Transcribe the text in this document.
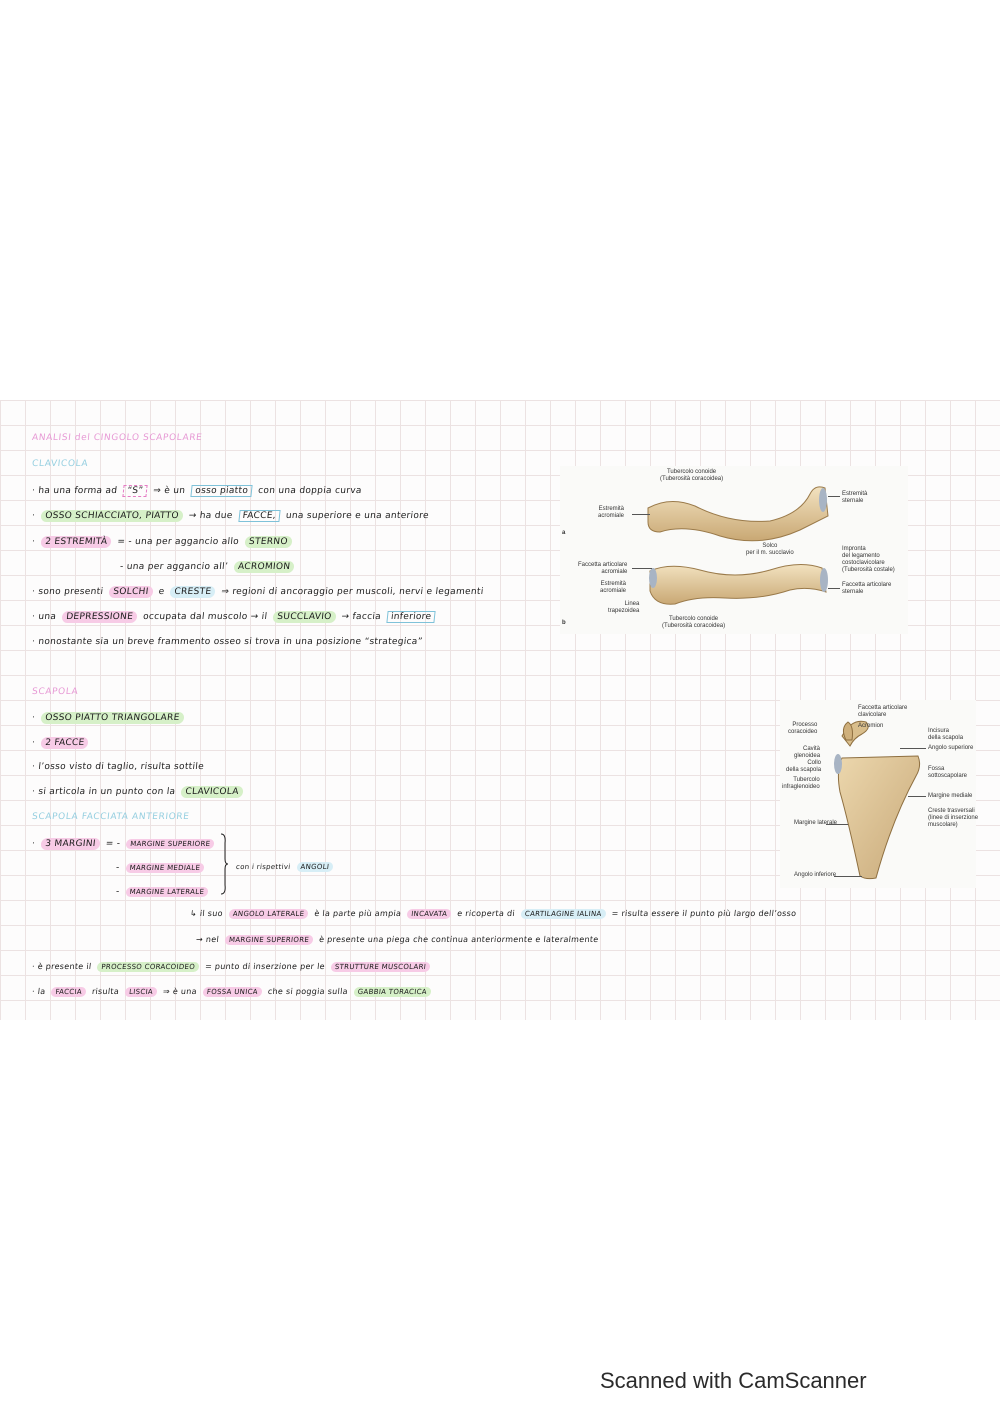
ANALISI del CINGOLO SCAPOLARE
CLAVICOLA
· ha una forma ad “S” ⇒ è un osso piatto con una doppia curva
· OSSO SCHIACCIATO, PIATTO → ha due FACCE, una superiore e una anteriore
· 2 ESTREMITÀ = - una per aggancio allo STERNO
- una per aggancio all’ ACROMION
· sono presenti SOLCHI e CRESTE ⇒ regioni di ancoraggio per muscoli, nervi e legamenti
· una DEPRESSIONE occupata dal muscolo → il SUCCLAVIO → faccia inferiore
· nonostante sia un breve frammento osseo si trova in una posizione “strategica”
SCAPOLA
· OSSO PIATTO TRIANGOLARE
· 2 FACCE
· l’osso visto di taglio, risulta sottile
· si articola in un punto con la CLAVICOLA
SCAPOLA FACCIATA ANTERIORE
· 3 MARGINI = - MARGINE SUPERIORE
- MARGINE MEDIALE
- MARGINE LATERALE
con i rispettivi ANGOLI
↳ il suo ANGOLO LATERALE è la parte più ampia INCAVATA e ricoperta di CARTILAGINE IALINA = risulta essere il punto più largo dell’osso
→ nel MARGINE SUPERIORE è presente una piega che continua anteriormente e lateralmente
· è presente il PROCESSO CORACOIDEO = punto di inserzione per le STRUTTURE MUSCOLARI
· la FACCIA risulta LISCIA ⇒ è una FOSSA UNICA che si poggia sulla GABBIA TORACICA
a
b
Tubercolo conoide
(Tuberosità coracoidea)
Estremità
acromiale
Estremità
sternale
Solco
per il m. succlavio
Impronta
del legamento
costoclavicolare
(Tuberosità costale)
Faccetta articolare
acromiale
Estremità
acromiale
Linea
trapezoidea
Faccetta articolare
sternale
Tubercolo conoide
(Tuberosità coracoidea)
Faccetta articolare
clavicolare
Acromion
Processo
coracoideo	Incisura
della scapola
Angolo superiore
Cavità
glenoidea
Collo
della scapola	Fossa
sottoscapolare
Tubercolo
infraglenoideo
Margine mediale
Creste trasversali
(linee di inserzione
muscolare)
Margine laterale
Angolo inferiore
Scanned with CamScanner
